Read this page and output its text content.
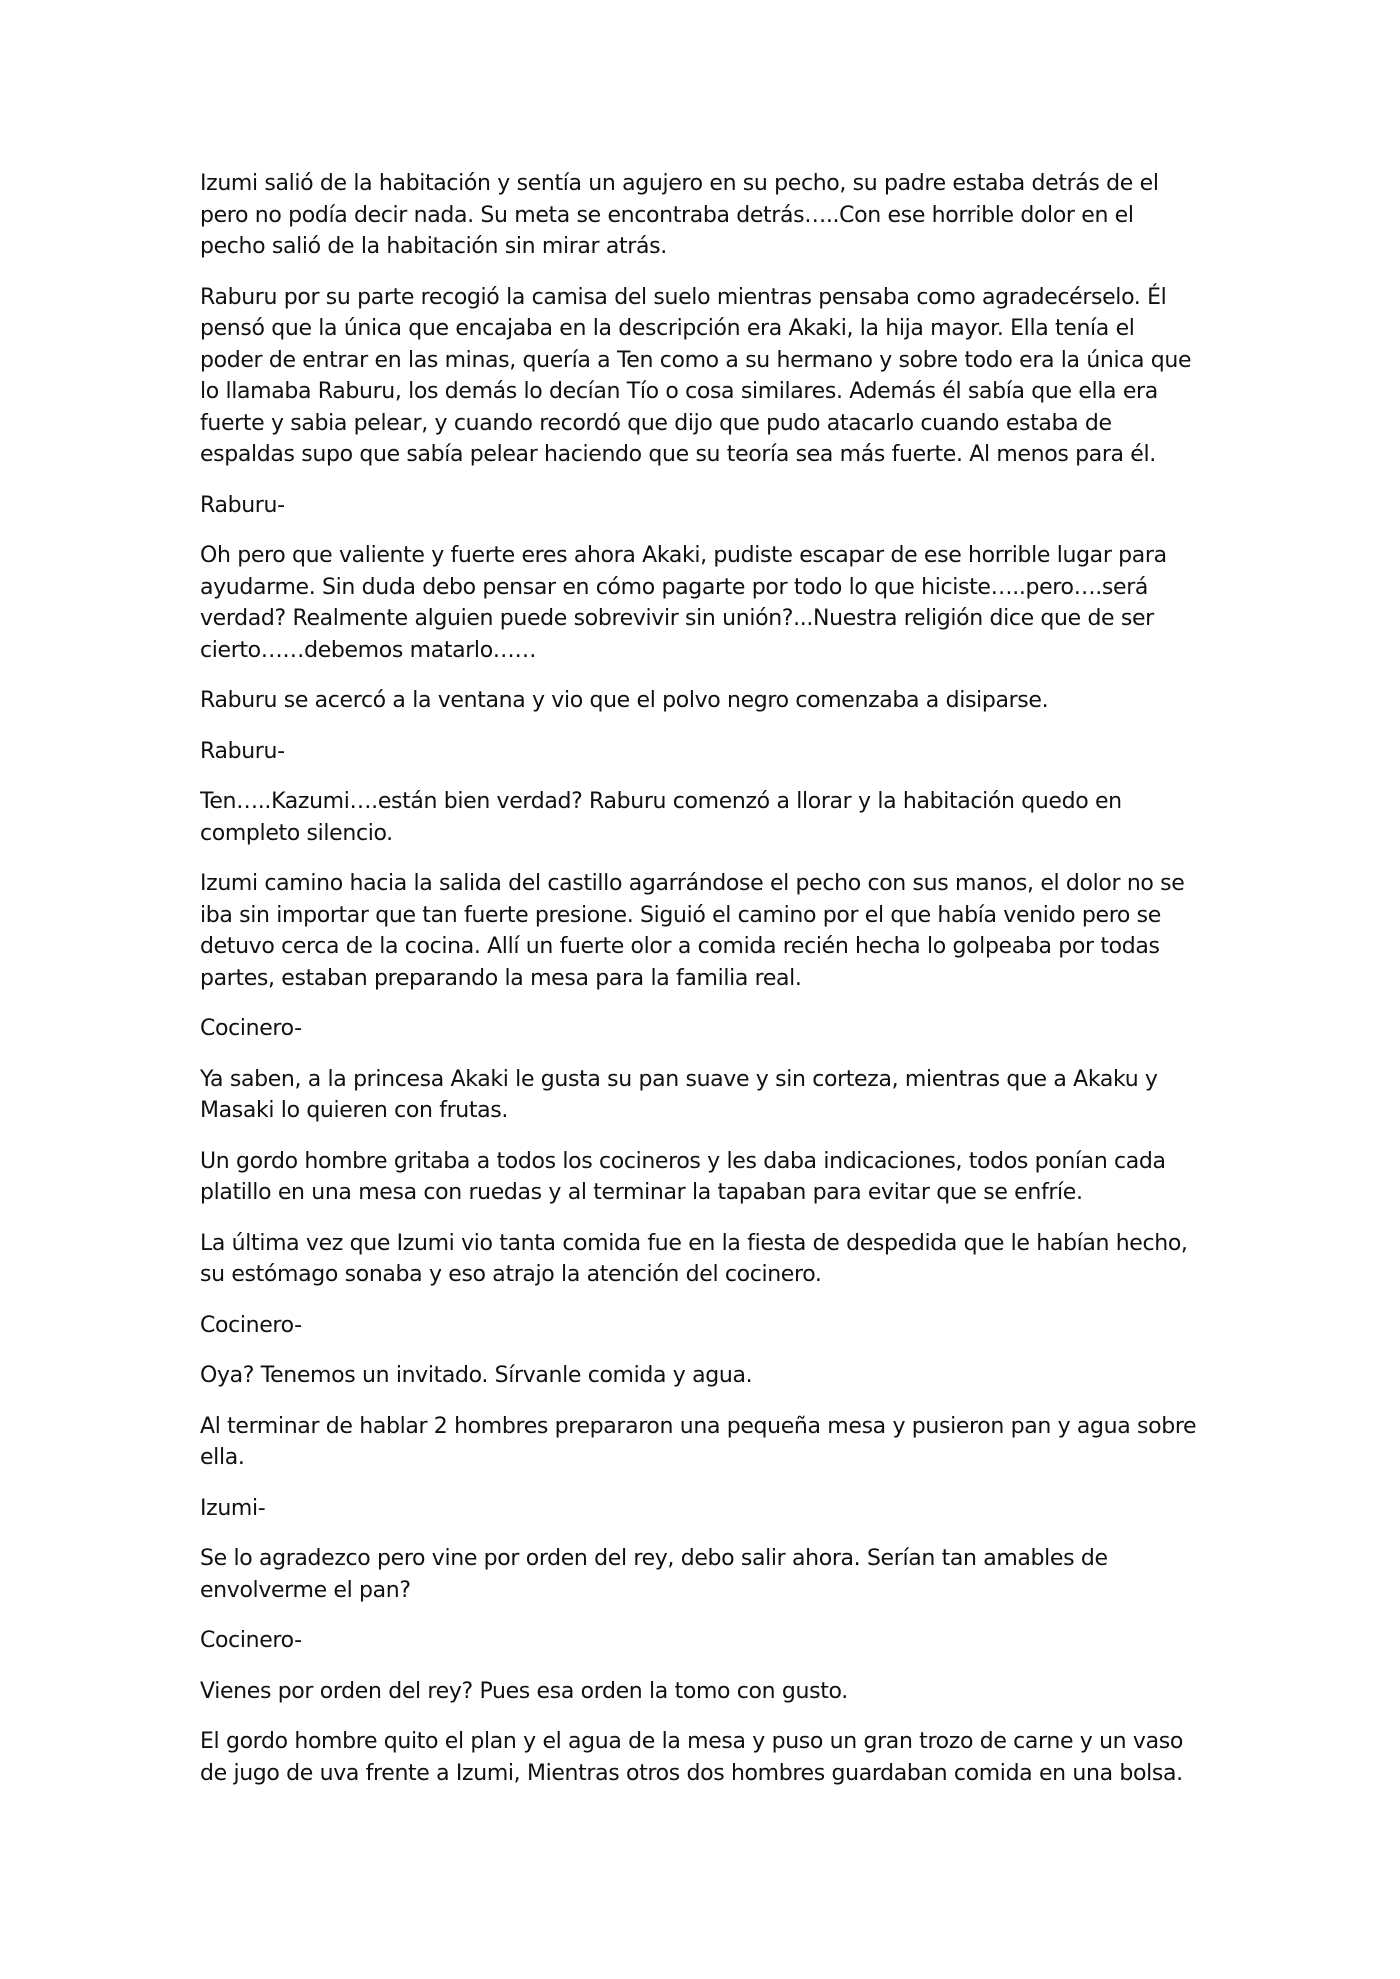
Izumi salió de la habitación y sentía un agujero en su pecho, su padre estaba detrás de el pero no podía decir nada. Su meta se encontraba detrás…..Con ese horrible dolor en el pecho salió de la habitación sin mirar atrás.

Raburu por su parte recogió la camisa del suelo mientras pensaba como agradecérselo. Él pensó que la única que encajaba en la descripción era Akaki, la hija mayor. Ella tenía el poder de entrar en las minas, quería a Ten como a su hermano y sobre todo era la única que lo llamaba Raburu, los demás lo decían Tío o cosa similares. Además él sabía que ella era fuerte y sabia pelear, y cuando recordó que dijo que pudo atacarlo cuando estaba de espaldas supo que sabía pelear haciendo que su teoría sea más fuerte. Al menos para él.

Raburu-

Oh pero que valiente y fuerte eres ahora Akaki, pudiste escapar de ese horrible lugar para ayudarme. Sin duda debo pensar en cómo pagarte por todo lo que hiciste…..pero….será verdad? Realmente alguien puede sobrevivir sin unión?...Nuestra religión dice que de ser cierto……debemos matarlo……

Raburu se acercó a la ventana y vio que el polvo negro comenzaba a disiparse.

Raburu-

Ten…..Kazumi….están bien verdad? Raburu comenzó a llorar y la habitación quedo en completo silencio.

Izumi camino hacia la salida del castillo agarrándose el pecho con sus manos, el dolor no se iba sin importar que tan fuerte presione. Siguió el camino por el que había venido pero se detuvo cerca de la cocina. Allí un fuerte olor a comida recién hecha lo golpeaba por todas partes, estaban preparando la mesa para la familia real.

Cocinero-

Ya saben, a la princesa Akaki le gusta su pan suave y sin corteza, mientras que a Akaku y Masaki lo quieren con frutas.

Un gordo hombre gritaba a todos los cocineros y les daba indicaciones, todos ponían cada platillo en una mesa con ruedas y al terminar la tapaban para evitar que se enfríe.

La última vez que Izumi vio tanta comida fue en la fiesta de despedida que le habían hecho, su estómago sonaba y eso atrajo la atención del cocinero.

Cocinero-

Oya? Tenemos un invitado. Sírvanle comida y agua.

Al terminar de hablar 2 hombres prepararon una pequeña mesa y pusieron pan y agua sobre ella.

Izumi-

Se lo agradezco pero vine por orden del rey, debo salir ahora. Serían tan amables de envolverme el pan?

Cocinero-

Vienes por orden del rey? Pues esa orden la tomo con gusto.

El gordo hombre quito el plan y el agua de la mesa y puso un gran trozo de carne y un vaso de jugo de uva frente a Izumi, Mientras otros dos hombres guardaban comida en una bolsa.
